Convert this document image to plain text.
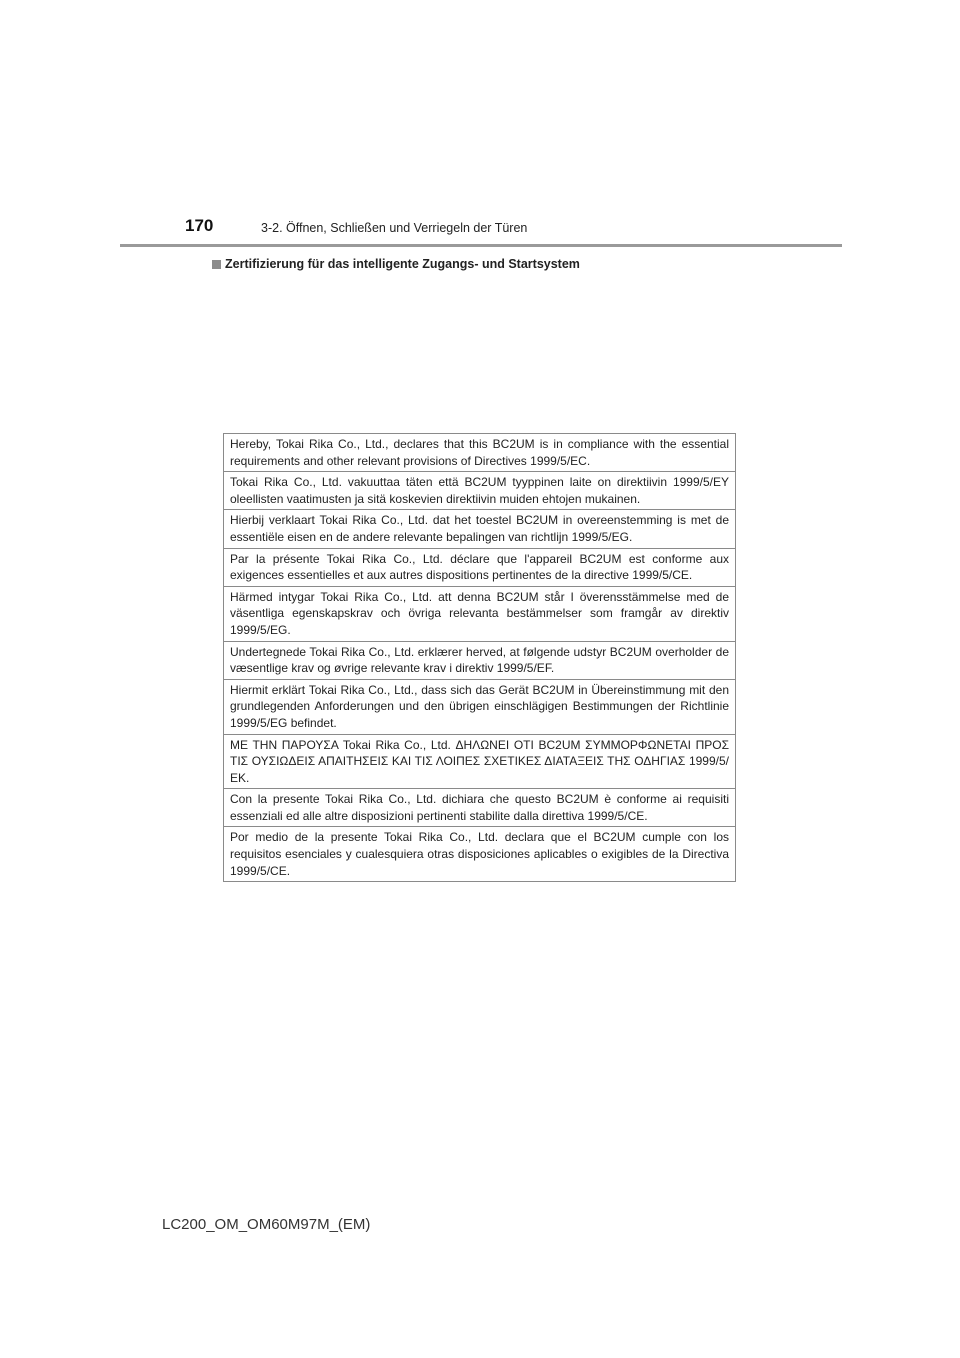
170	3-2. Öffnen, Schließen und Verriegeln der Türen
Zertifizierung für das intelligente Zugangs- und Startsystem
Hereby, Tokai Rika Co., Ltd., declares that this BC2UM is in compliance with the essential requirements and other relevant provisions of Directives 1999/5/EC.
Tokai Rika Co., Ltd. vakuuttaa täten että BC2UM tyyppinen laite on direktiivin 1999/5/EY oleellisten vaatimusten ja sitä koskevien direktiivin muiden ehtojen mukainen.
Hierbij verklaart Tokai Rika Co., Ltd. dat het toestel BC2UM in overeenstemming is met de essentiële eisen en de andere relevante bepalingen van richtlijn 1999/5/EG.
Par la présente Tokai Rika Co., Ltd. déclare que l'appareil BC2UM est conforme aux exigences essentielles et aux autres dispositions pertinentes de la directive 1999/5/CE.
Härmed intygar Tokai Rika Co., Ltd. att denna BC2UM står I överensstämmelse med de väsentliga egenskapskrav och övriga relevanta bestämmelser som framgår av direktiv 1999/5/EG.
Undertegnede Tokai Rika Co., Ltd. erklærer herved, at følgende udstyr BC2UM overholder de væsentlige krav og øvrige relevante krav i direktiv 1999/5/EF.
Hiermit erklärt Tokai Rika Co., Ltd., dass sich das Gerät BC2UM in Übereinstimmung mit den grundlegenden Anforderungen und den übrigen einschlägigen Bestimmungen der Richtlinie 1999/5/EG befindet.
ΜΕ ΤΗΝ ΠΑΡΟΥΣΑ Tokai Rika Co., Ltd. ΔΗΛΩΝΕΙ ΟΤΙ BC2UM ΣΥΜΜΟΡΦΩΝΕΤΑΙ ΠΡΟΣ ΤΙΣ ΟΥΣΙΩΔΕΙΣ ΑΠΑΙΤΗΣΕΙΣ ΚΑΙ ΤΙΣ ΛΟΙΠΕΣ ΣΧΕΤΙΚΕΣ ΔΙΑΤΑΞΕΙΣ ΤΗΣ ΟΔΗΓΙΑΣ 1999/5/ΕΚ.
Con la presente Tokai Rika Co., Ltd. dichiara che questo BC2UM è conforme ai requisiti essenziali ed alle altre disposizioni pertinenti stabilite dalla direttiva 1999/5/CE.
Por medio de la presente Tokai Rika Co., Ltd. declara que el BC2UM cumple con los requisitos esenciales y cualesquiera otras disposiciones aplicables o exigibles de la Directiva 1999/5/CE.
LC200_OM_OM60M97M_(EM)
